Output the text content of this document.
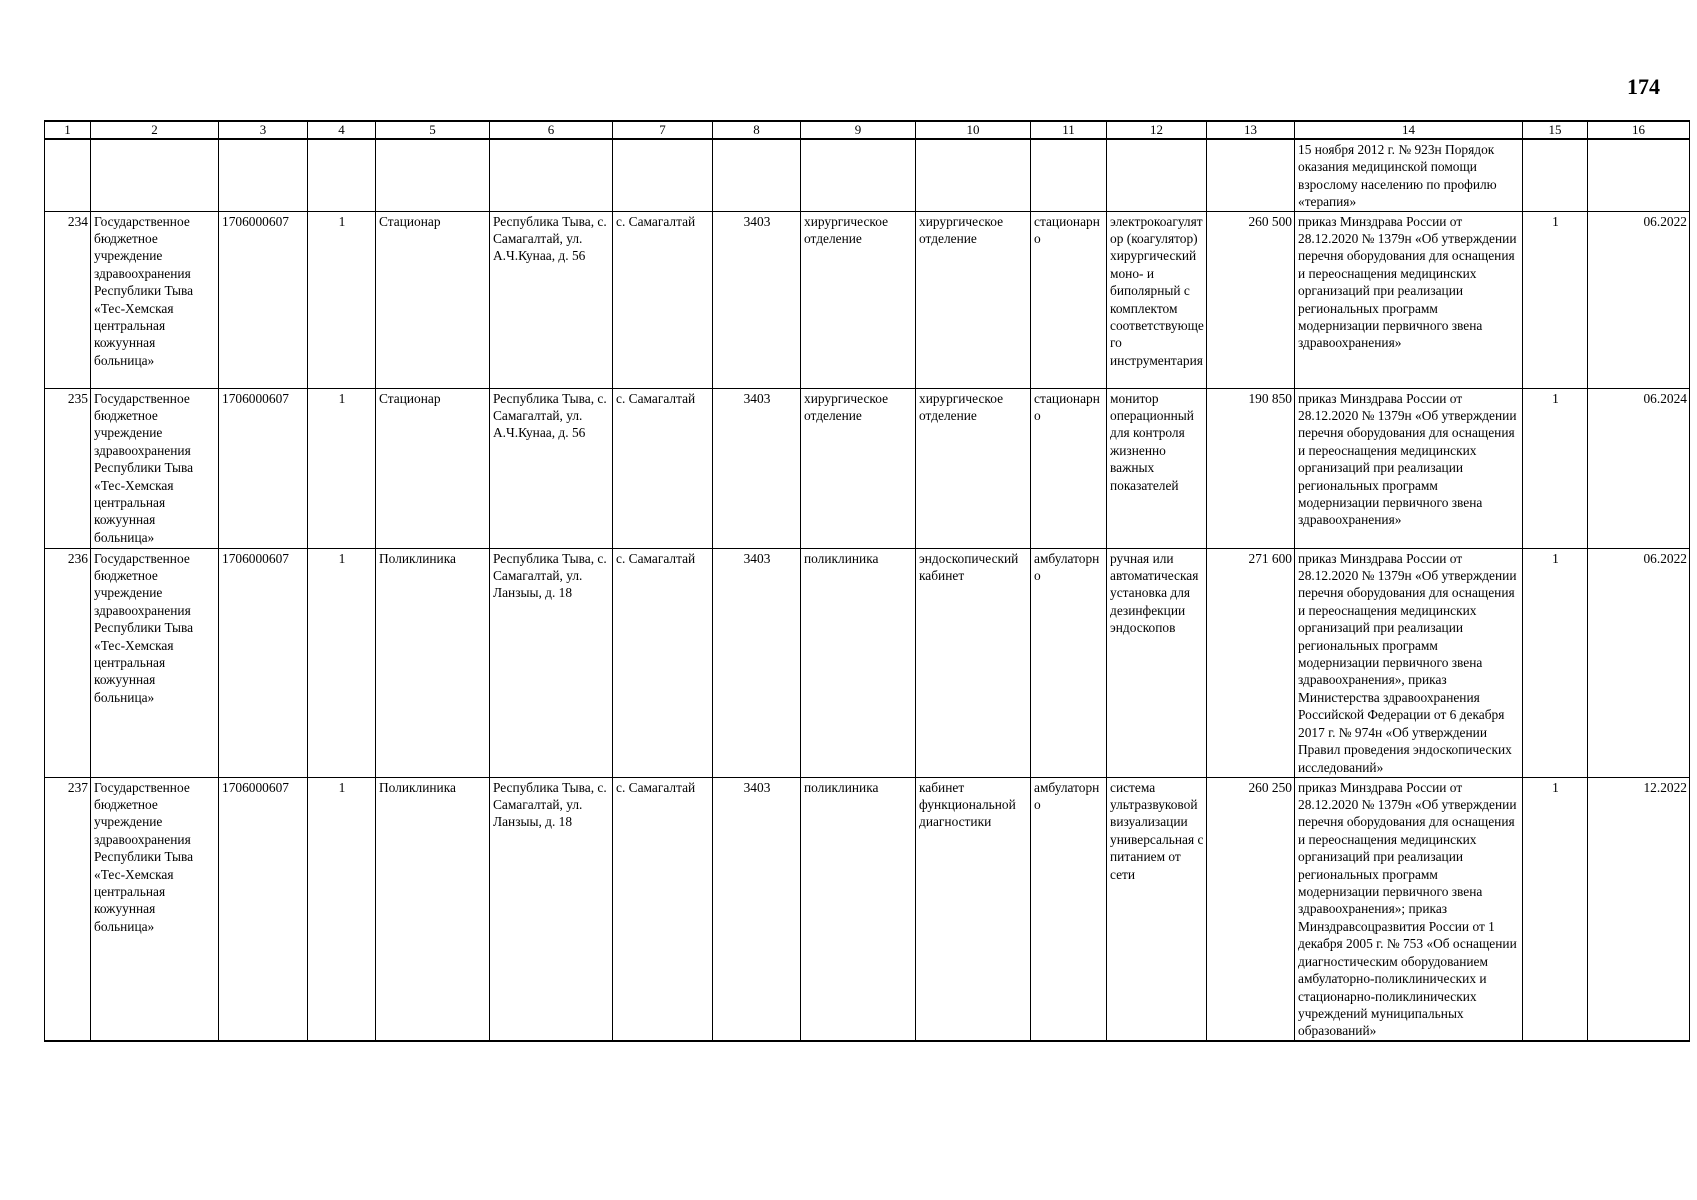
174
1	2	3	4	5	6	7	8	9	10	11	12	13	14	15	16
													15 ноября 2012 г. № 923н Порядок оказания медицинской помощи взрослому населению по профилю «терапия»		
234	Государственное бюджетное учреждение здравоохранения Республики Тыва «Тес-Хемская центральная кожуунная больница»	1706000607	1	Стационар	Республика Тыва, с. Самагалтай, ул. А.Ч.Кунаа, д. 56	с. Самагалтай	3403	хирургическое отделение	хирургическое отделение	стационарно	электрокоагулятор (коагулятор) хирургический моно- и биполярный с комплектом соответствующего инструментария	260 500	приказ Минздрава России от 28.12.2020 № 1379н «Об утверждении перечня оборудования для оснащения и переоснащения медицинских организаций при реализации региональных программ модернизации первичного звена здравоохранения»	1	06.2022
235	Государственное бюджетное учреждение здравоохранения Республики Тыва «Тес-Хемская центральная кожуунная больница»	1706000607	1	Стационар	Республика Тыва, с. Самагалтай, ул. А.Ч.Кунаа, д. 56	с. Самагалтай	3403	хирургическое отделение	хирургическое отделение	стационарно	монитор операционный для контроля жизненно важных показателей	190 850	приказ Минздрава России от 28.12.2020 № 1379н «Об утверждении перечня оборудования для оснащения и переоснащения медицинских организаций при реализации региональных программ модернизации первичного звена здравоохранения»	1	06.2024
236	Государственное бюджетное учреждение здравоохранения Республики Тыва «Тес-Хемская центральная кожуунная больница»	1706000607	1	Поликлиника	Республика Тыва, с. Самагалтай, ул. Ланзыы, д. 18	с. Самагалтай	3403	поликлиника	эндоскопический кабинет	амбулаторно	ручная или автоматическая установка для дезинфекции эндоскопов	271 600	приказ Минздрава России от 28.12.2020 № 1379н «Об утверждении перечня оборудования для оснащения и переоснащения медицинских организаций при реализации региональных программ модернизации первичного звена здравоохранения», приказ Министерства здравоохранения Российской Федерации от 6 декабря 2017 г. № 974н «Об утверждении Правил проведения эндоскопических исследований»	1	06.2022
237	Государственное бюджетное учреждение здравоохранения Республики Тыва «Тес-Хемская центральная кожуунная больница»	1706000607	1	Поликлиника	Республика Тыва, с. Самагалтай, ул. Ланзыы, д. 18	с. Самагалтай	3403	поликлиника	кабинет функциональной диагностики	амбулаторно	система ультразвуковой визуализации универсальная с питанием от сети	260 250	приказ Минздрава России от 28.12.2020 № 1379н «Об утверждении перечня оборудования для оснащения и переоснащения медицинских организаций при реализации региональных программ модернизации первичного звена здравоохранения»; приказ Минздравсоцразвития России от 1 декабря 2005 г. № 753 «Об оснащении диагностическим оборудованием амбулаторно-поликлинических и стационарно-поликлинических учреждений муниципальных образований»	1	12.2022
